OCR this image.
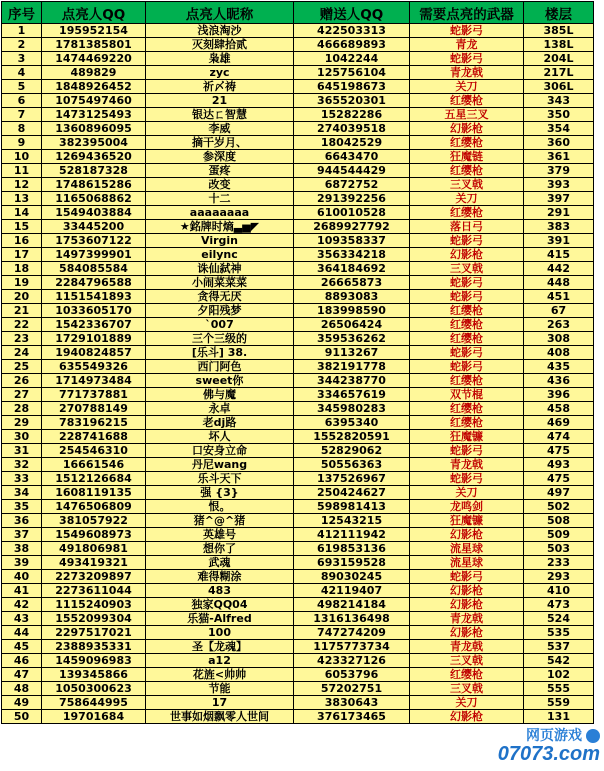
序号	点亮人QQ	点亮人昵称	赠送人QQ	需要点亮的武器	楼层
1	195952154	浅浪淘沙	422503313	蛇影弓	385L
2	1781385801	灭刻肆拾贰	466689893	青龙	138L
3	1474469220	枭雄	1042244	蛇影弓	204L
4	489829	zyc	125756104	青龙戟	217L
5	1848926452	祈〆祷	645198673	关刀	306L
6	1075497460	21	365520301	红缨枪	343
7	1473125493	银达ㄈ智慧	15282286	五星三叉	350
8	1360896095	李威	274039518	幻影枪	354
9	382395004	摘干岁月、	18042529	红缨枪	360
10	1269436520	参深度	6643470	狂魔链	361
11	528187328	蛋疼	944544429	红缨枪	379
12	1748615286	改变	6872752	三叉戟	393
13	1165068862	十二	291392256	关刀	397
14	1549403884	aaaaaaaa	610010528	红缨枪	291
15	33445200	★銘牌时熵▃▅◤	2689927792	落日弓	383
16	1753607122	Virgin	109358337	蛇影弓	391
17	1497399901	eilync	356334218	幻影枪	415
18	584085584	诛仙弑神	364184692	三叉戟	442
19	2284796588	小闹菜菜菜	26665873	蛇影弓	448
20	1151541893	贪得无厌	8893083	蛇影弓	451
21	1033605170	夕阳残梦	183998590	红缨枪	67
22	1542336707	`007	26506424	红缨枪	263
23	1729101889	三个三级的	359536262	红缨枪	308
24	1940824857	[乐斗] 38.	9113267	蛇影弓	408
25	635549326	西门阿色	382191778	蛇影弓	435
26	1714973484	sweet你	344238770	红缨枪	436
27	771737881	佛与魔	334657619	双节棍	396
28	270788149	永卓	345980283	红缨枪	458
29	783196215	老dj路	6395340	红缨枪	469
30	228741688	坏人	1552820591	狂魔镰	474
31	254546310	口安身立命	52829062	蛇影弓	475
32	16661546	丹尼wang	50556363	青龙戟	493
33	1512126684	乐斗天下	137526967	蛇影弓	475
34	1608119135	强 {3}	250424627	关刀	497
35	1476506809	恨。	598981413	龙鸣剑	502
36	381057922	猪^@^猪	12543215	狂魔镰	508
37	1549608973	英雄号	412111942	幻影枪	509
38	491806981	想你了	619853136	流星球	503
39	493419321	武魂	693159528	流星球	233
40	2273209897	难得糊涂	89030245	蛇影弓	293
41	2273611044	483	42119407	幻影枪	410
42	1115240903	独家QQ04	498214184	幻影枪	473
43	1552099304	乐猫-Alfred	1316136498	青龙戟	524
44	2297517021	100	747274209	幻影枪	535
45	2388935331	圣【龙魂】	1175773734	青龙戟	537
46	1459096983	a12	423327126	三叉戟	542
47	139345866	花旌<帅帅	6053796	红缨枪	102
48	1050300623	节能	57202751	三叉戟	555
49	758644995	17	3830643	关刀	559
50	19701684	世事如烟飘零人世间	376173465	幻影枪	131
网页游戏
07073.com
